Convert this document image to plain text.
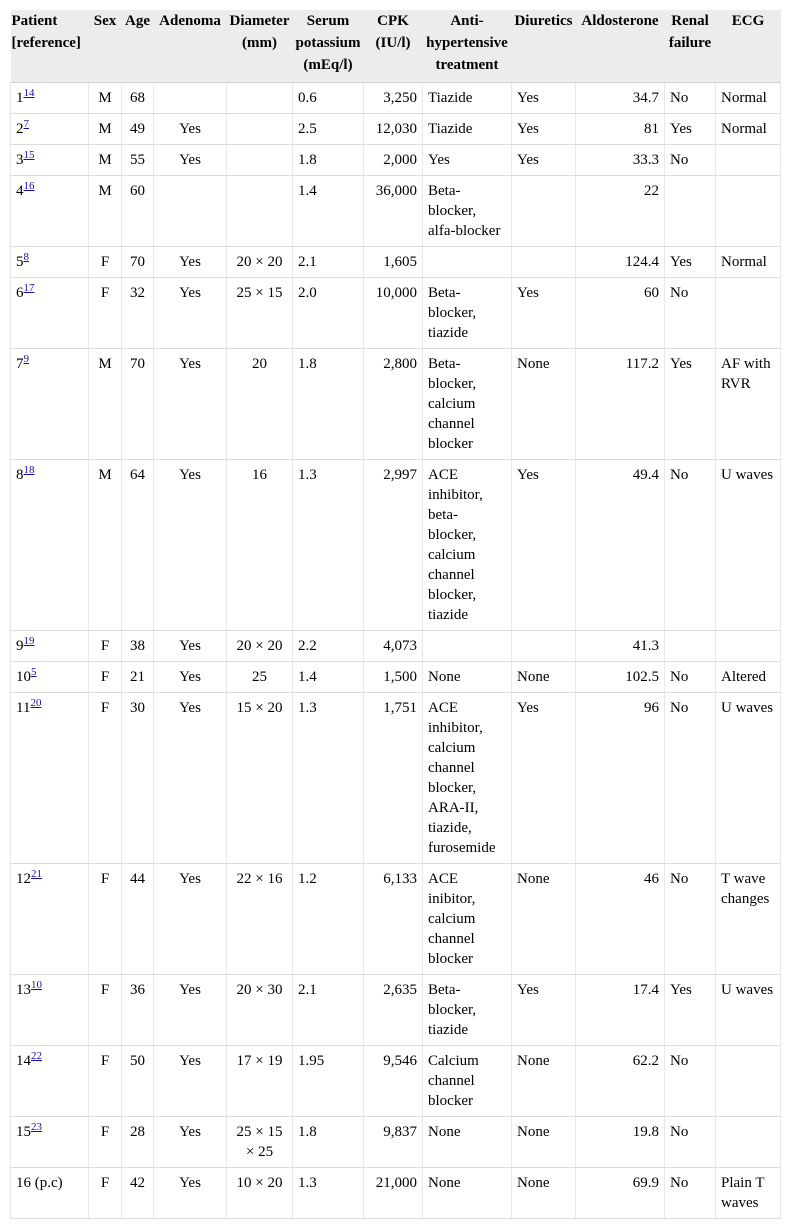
Patient [reference]	Sex	Age	Adenoma	Diameter (mm)	Serum potassium (mEq/l)	CPK (IU/l)	Anti-hypertensive treatment	Diuretics	Aldosterone	Renal failure	ECG
1$^{14}$	M	68			0.6	3,250	Tiazide	Yes	34.7	No	Normal
2$^7$	M	49	Yes		2.5	12,030	Tiazide	Yes	81	Yes	Normal
3$^{15}$	M	55	Yes		1.8	2,000	Yes	Yes	33.3	No	
4$^{16}$	M	60			1.4	36,000	Beta-blocker, alfa-blocker		22		
5$^8$	F	70	Yes	20 × 20	2.1	1,605			124.4	Yes	Normal
6$^{17}$	F	32	Yes	25 × 15	2.0	10,000	Beta-blocker, tiazide	Yes	60	No	
7$^9$	M	70	Yes	20	1.8	2,800	Beta-blocker, calcium channel blocker	None	117.2	Yes	AF with RVR
8$^{18}$	M	64	Yes	16	1.3	2,997	ACE inhibitor, beta-blocker, calcium channel blocker, tiazide	Yes	49.4	No	U waves
9$^{19}$	F	38	Yes	20 × 20	2.2	4,073			41.3		
10$^5$	F	21	Yes	25	1.4	1,500	None	None	102.5	No	Altered
11$^{20}$	F	30	Yes	15 × 20	1.3	1,751	ACE inhibitor, calcium channel blocker, ARA-II, tiazide, furosemide	Yes	96	No	U waves
12$^{21}$	F	44	Yes	22 × 16	1.2	6,133	ACE inibitor, calcium channel blocker	None	46	No	T wave changes
13$^{10}$	F	36	Yes	20 × 30	2.1	2,635	Beta-blocker, tiazide	Yes	17.4	Yes	U waves
14$^{22}$	F	50	Yes	17 × 19	1.95	9,546	Calcium channel blocker	None	62.2	No	
15$^{23}$	F	28	Yes	25 × 15 × 25	1.8	9,837	None	None	19.8	No	
16 (p.c)	F	42	Yes	10 × 20	1.3	21,000	None	None	69.9	No	Plain T waves
